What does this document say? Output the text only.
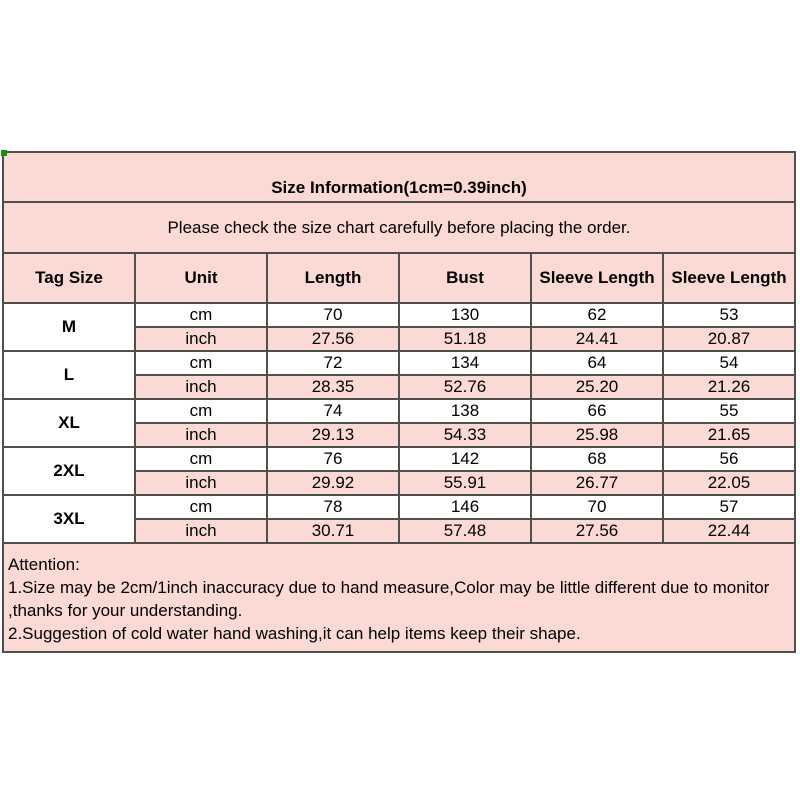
Size Information(1cm=0.39inch)					
Please check the size chart carefully before placing the order.					
Tag Size	Unit	Length	Bust	Sleeve Length	Sleeve Length
M	cm	70	130	62	53
	inch	27.56	51.18	24.41	20.87
L	cm	72	134	64	54
	inch	28.35	52.76	25.20	21.26
XL	cm	74	138	66	55
	inch	29.13	54.33	25.98	21.65
2XL	cm	76	142	68	56
	inch	29.92	55.91	26.77	22.05
3XL	cm	78	146	70	57
	inch	30.71	57.48	27.56	22.44

Attention:
1.Size may be 2cm/1inch inaccuracy due to hand measure,Color may be little different due to monitor
,thanks for your understanding.
2.Suggestion of cold water hand washing,it can help items keep their shape.					
